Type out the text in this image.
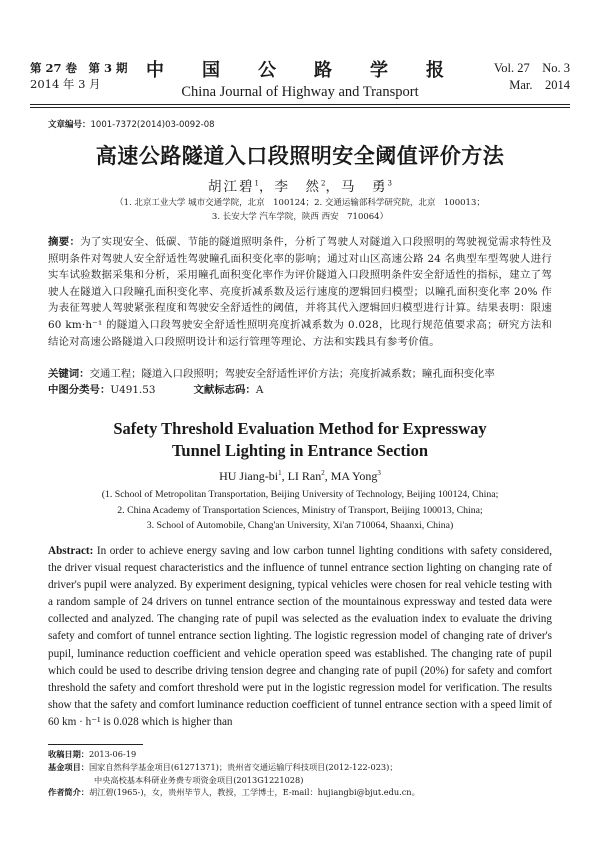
第 27 卷　第 3 期
2014 年 3 月
中　国　公　路　学　报
China Journal of Highway and Transport
Vol. 27　No. 3
Mar.　2014
文章编号：1001-7372(2014)03-0092-08
高速公路隧道入口段照明安全阈值评价方法
胡江碧$^1$，李　然$^2$，马　勇$^3$
（1. 北京工业大学 城市交通学院，北京　100124；2. 交通运输部科学研究院，北京　100013；
3. 长安大学 汽车学院，陕西 西安　710064）
摘要：为了实现安全、低碳、节能的隧道照明条件，分析了驾驶人对隧道入口段照明的驾驶视觉需求特性及照明条件对驾驶人安全舒适性驾驶瞳孔面积变化率的影响；通过对山区高速公路 24 名典型车型驾驶人进行实车试验数据采集和分析，采用瞳孔面积变化率作为评价隧道入口段照明条件安全舒适性的指标，建立了驾驶人在隧道入口段瞳孔面积变化率、亮度折减系数及运行速度的逻辑回归模型；以瞳孔面积变化率 20% 作为表征驾驶人驾驶紧张程度和驾驶安全舒适性的阈值，并将其代入逻辑回归模型进行计算。结果表明：限速 60 km·h⁻¹ 的隧道入口段驾驶安全舒适性照明亮度折减系数为 0.028，比现行规范值要求高；研究方法和结论对高速公路隧道入口段照明设计和运行管理等理论、方法和实践具有参考价值。
关键词：交通工程；隧道入口段照明；驾驶安全舒适性评价方法；亮度折减系数；瞳孔面积变化率
中图分类号：U491.53	文献标志码：A
Safety Threshold Evaluation Method for Expressway
Tunnel Lighting in Entrance Section
HU Jiang-$bi^1$, LI Ran$^2$, MA Yong$^3$
(1. School of Metropolitan Transportation, Beijing University of Technology, Beijing 100124, China;
2. China Academy of Transportation Sciences, Ministry of Transport, Beijing 100013, China;
3. School of Automobile, Chang'an University, Xi'an 710064, Shaanxi, China)
Abstract: In order to achieve energy saving and low carbon tunnel lighting conditions with safety considered, the driver visual request characteristics and the influence of tunnel entrance section lighting on changing rate of driver's pupil were analyzed. By experiment designing, typical vehicles were chosen for real vehicle testing with a random sample of 24 drivers on tunnel entrance section of the mountainous expressway and tested data were collected and analyzed. The changing rate of pupil was selected as the evaluation index to evaluate the driving safety and comfort of tunnel entrance section lighting. The logistic regression model of changing rate of driver's pupil, luminance reduction coefficient and vehicle operation speed was established. The changing rate of pupil which could be used to describe driving tension degree and changing rate of pupil (20%) for safety and comfort threshold the safety and comfort threshold were put in the logistic regression model for verification. The results show that the safety and comfort luminance reduction coefficient of tunnel entrance section with a speed limit of 60 km · h⁻¹ is 0.028 which is higher than
收稿日期：2013-06-19
基金项目：国家自然科学基金项目(61271371)；贵州省交通运输厅科技项目(2012-122-023)；
中央高校基本科研业务费专项资金项目(2013G1221028)
作者简介：胡江碧(1965-)，女，贵州毕节人，教授，工学博士，E-mail：hujiangbi@bjut.edu.cn。
